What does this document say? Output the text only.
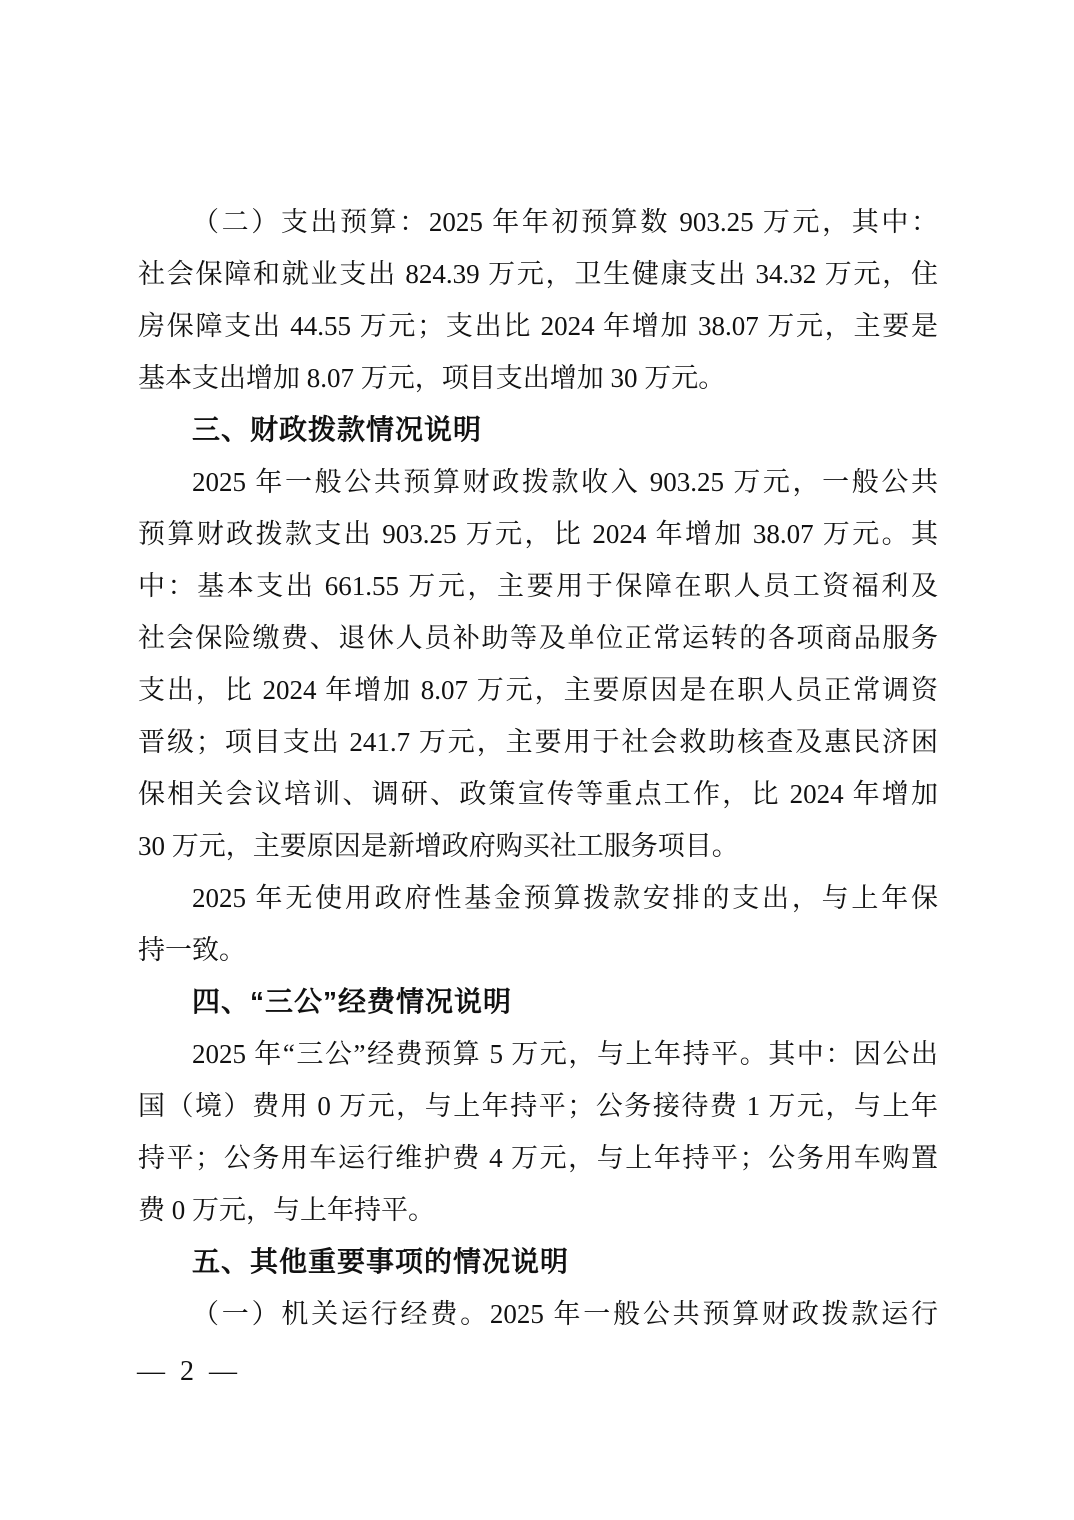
（二）支出预算：2025 年年初预算数 903.25 万元，其中：

社会保障和就业支出 824.39 万元，卫生健康支出 34.32 万元，住

房保障支出 44.55 万元；支出比 2024 年增加 38.07 万元，主要是

基本支出增加 8.07 万元，项目支出增加 30 万元。

三、财政拨款情况说明

2025 年一般公共预算财政拨款收入 903.25 万元，一般公共

预算财政拨款支出 903.25 万元，比 2024 年增加 38.07 万元。其

中：基本支出 661.55 万元，主要用于保障在职人员工资福利及

社会保险缴费、退休人员补助等及单位正常运转的各项商品服务

支出，比 2024 年增加 8.07 万元，主要原因是在职人员正常调资

晋级；项目支出 241.7 万元，主要用于社会救助核查及惠民济困

保相关会议培训、调研、政策宣传等重点工作，比 2024 年增加

30 万元，主要原因是新增政府购买社工服务项目。

2025 年无使用政府性基金预算拨款安排的支出，与上年保

持一致。

四、“三公”经费情况说明

2025 年“三公”经费预算 5 万元，与上年持平。其中：因公出

国（境）费用 0 万元，与上年持平；公务接待费 1 万元，与上年

持平；公务用车运行维护费 4 万元，与上年持平；公务用车购置

费 0 万元，与上年持平。

五、其他重要事项的情况说明

（一）机关运行经费。2025 年一般公共预算财政拨款运行

— 2 —
